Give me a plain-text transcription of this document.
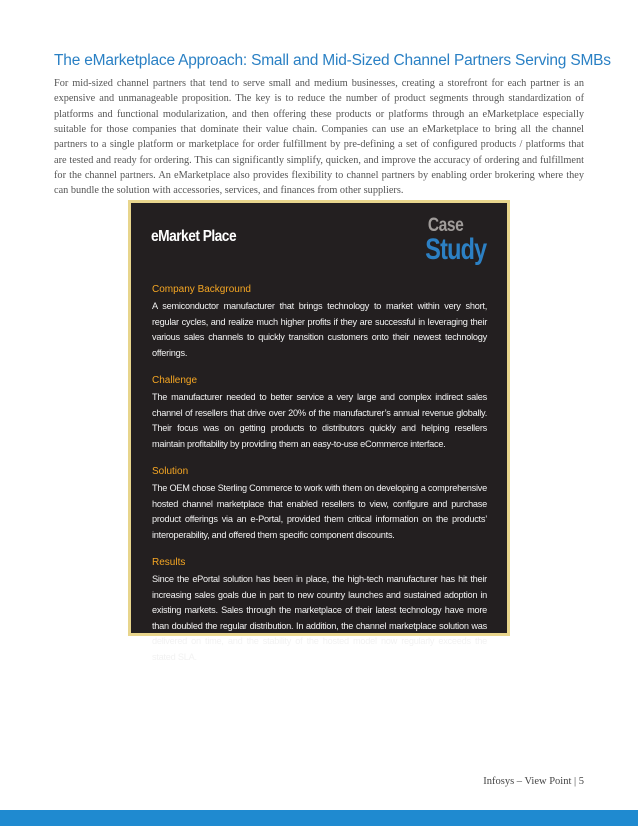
The eMarketplace Approach: Small and Mid-Sized Channel Partners Serving SMBs
For mid-sized channel partners that tend to serve small and medium businesses, creating a storefront for each partner is an expensive and unmanageable proposition. The key is to reduce the number of product segments through standardization of platforms and functional modularization, and then offering these products or platforms through an eMarketplace especially suitable for those companies that dominate their value chain. Companies can use an eMarketplace to bring all the channel partners to a single platform or marketplace for order fulfillment by pre-defining a set of configured products / platforms that are tested and ready for ordering. This can significantly simplify, quicken, and improve the accuracy of ordering and fulfillment for the channel partners. An eMarketplace also provides flexibility to channel partners by enabling order brokering where they can bundle the solution with accessories, services, and finances from other suppliers.
eMarket Place
Case
Study
Company Background
A semiconductor manufacturer that brings technology to market within very short, regular cycles, and realize much higher profits if they are successful in leveraging their various sales channels to quickly transition customers onto their newest technology offerings.
Challenge
The manufacturer needed to better service a very large and complex indirect sales channel of resellers that drive over 20% of the manufacturer’s annual revenue globally. Their focus was on getting products to distributors quickly and helping resellers maintain profitability by providing them an easy-to-use eCommerce interface.
Solution
The OEM chose Sterling Commerce to work with them on developing a comprehensive hosted channel marketplace that enabled resellers to view, configure and purchase product offerings via an e-Portal, provided them critical information on the products’ interoperability, and offered them specific component discounts.
Results
Since the ePortal solution has been in place, the high-tech manufacturer has hit their increasing sales goals due in part to new country launches and sustained adoption in existing markets. Sales through the marketplace of their latest technology have more than doubled the regular distribution. In addition, the channel marketplace solution was delivered on time, and the stability of the hosted model now regularly exceeds the stated SLA.
Infosys – View Point | 5
